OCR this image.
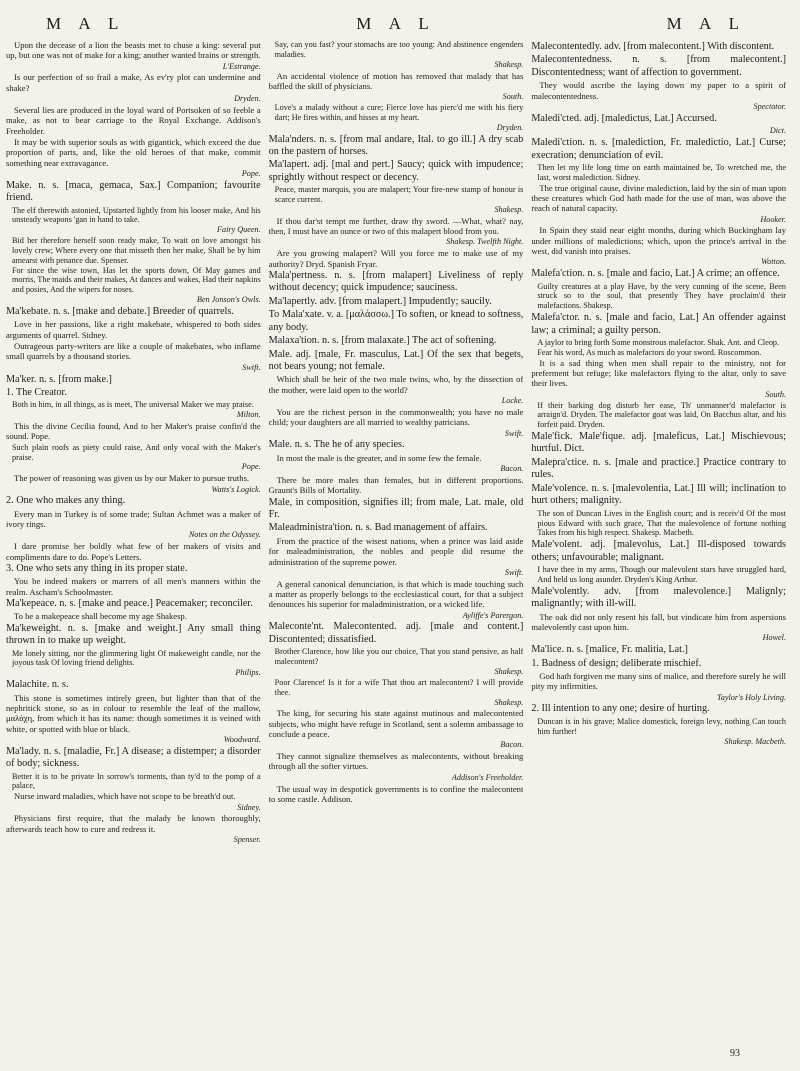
M A L	M A L	M A L
Upon the decease of a lion the beasts met to chuse a king: several put up, but one was not of make for a king; another wanted brains or strength.
L'Estrange.
Is our perfection of so frail a make, As ev'ry plot can undermine and shake?
Dryden.
Several lies are produced in the loyal ward of Portsoken of so feeble a make, as not to bear carriage to the Royal Exchange. Addison's Freeholder.
It may be with superior souls as with gigantick, which exceed the due proportion of parts, and, like the old heroes of that make, commit something near extravagance.
Pope.
Make. n. s. [maca, gemaca, Sax.] Companion; favourite friend.
The elf therewith astonied, Upstarted lightly from his looser make, And his unsteady weapons 'gan in hand to take.
Fairy Queen.
Bid her therefore herself soon ready make, To wait on love amongst his lovely crew; Where every one that misseth then her make, Shall be by him amearst with penance due. Spenser.
For since the wise town, Has let the sports down, Of May games and morris, The maids and their makes, At dances and wakes, Had their napkins and posies, And the wipers for noses.
Ben Jonson's Owls.
Ma'kebate. n. s. [make and debate.] Breeder of quarrels.
Love in her passions, like a right makebate, whispered to both sides arguments of quarrel. Sidney.
Outrageous party-writers are like a couple of makebates, who inflame small quarrels by a thousand stories.
Swift.
Ma'ker. n. s. [from make.]
1. The Creator.
Both in him, in all things, as is meet, The universal Maker we may praise.
Milton.
This the divine Cecilia found, And to her Maker's praise confin'd the sound. Pope.
Such plain roofs as piety could raise, And only vocal with the Maker's praise.
Pope.
The power of reasoning was given us by our Maker to pursue truths.
Watts's Logick.
2. One who makes any thing.
Every man in Turkey is of some trade; Sultan Achmet was a maker of ivory rings.
Notes on the Odyssey.
I dare promise her boldly what few of her makers of visits and compliments dare to do. Pope's Letters.
3. One who sets any thing in its proper state.
You be indeed makers or marrers of all men's manners within the realm. Ascham's Schoolmaster.
Ma'kepeace. n. s. [make and peace.] Peacemaker; reconciler.
To be a makepeace shall become my age Shakesp.
Ma'keweight. n. s. [make and weight.] Any small thing thrown in to make up weight.
Me lonely sitting, nor the glimmering light Of makeweight candle, nor the joyous task Of loving friend delights.
Philips.
Malachite. n. s.
This stone is sometimes intirely green, but lighter than that of the nephritick stone, so as in colour to resemble the leaf of the mallow, μαλάχη, from which it has its name: though sometimes it is veined with white, or spotted with blue or black.
Woodward.
Ma'lady. n. s. [maladie, Fr.] A disease; a distemper; a disorder of body; sickness.
Better it is to be private In sorrow's torments, than ty'd to the pomp of a palace,
Nurse inward maladies, which have not scope to be breath'd out.
Sidney.
Physicians first require, that the malady be known thoroughly, afterwards teach how to cure and redress it.
Spenser.
Say, can you fast? your stomachs are too young: And abstinence engenders maladies.
Shakesp.
An accidental violence of motion has removed that malady that has baffled the skill of physicians.
South.
Love's a malady without a cure; Fierce love has pierc'd me with his fiery dart; He fires within, and hisses at my heart.
Dryden.
Mala'nders. n. s. [from mal andare, Ital. to go ill.] A dry scab on the pastern of horses.
Ma'lapert. adj. [mal and pert.] Saucy; quick with impudence; sprightly without respect or decency.
Peace, master marquis, you are malapert; Your fire-new stamp of honour is scarce current.
Shakesp.
If thou dar'st tempt me further, draw thy sword. —What, what? nay, then, I must have an ounce or two of this malapert blood from you.
Shakesp. Twelfth Night.
Are you growing malapert? Will you force me to make use of my authority? Dryd. Spanish Fryar.
Mala'pertness. n. s. [from malapert] Liveliness of reply without decency; quick impudence; sauciness.
Ma'lapertly. adv. [from malapert.] Impudently; saucily.
To Mala'xate. v. a. [μαλάσσω.] To soften, or knead to softness, any body.
Malaxa'tion. n. s. [from malaxate.] The act of softening.
Male. adj. [male, Fr. masculus, Lat.] Of the sex that begets, not bears young; not female.
Which shall be heir of the two male twins, who, by the dissection of the mother, were laid open to the world?
Locke.
You are the richest person in the commonwealth; you have no male child; your daughters are all married to wealthy patricians.
Swift.
Male. n. s. The he of any species.
In most the male is the greater, and in some few the female.
Bacon.
There be more males than females, but in different proportions. Graunt's Bills of Mortality.
Male, in composition, signifies ill; from male, Lat. male, old Fr.
Maleadministra'tion. n. s. Bad management of affairs.
From the practice of the wisest nations, when a prince was laid aside for maleadministration, the nobles and people did resume the administration of the supreme power.
Swift.
A general canonical denunciation, is that which is made touching such a matter as properly belongs to the ecclesiastical court, for that a subject denounces his superior for maladministration, or a wicked life.
Ayliffe's Parergon.
Maleconte'nt. Malecontented. adj. [male and content.] Discontented; dissatisfied.
Brother Clarence, how like you our choice, That you stand pensive, as half malecontent?
Shakesp.
Poor Clarence! Is it for a wife That thou art malecontent? I will provide thee.
Shakesp.
The king, for securing his state against mutinous and malecontented subjects, who might have refuge in Scotland, sent a solemn ambassage to conclude a peace.
Bacon.
They cannot signalize themselves as malecontents, without breaking through all the softer virtues.
Addison's Freeholder.
The usual way in despotick governments is to confine the malecontent to some castle. Addison.
Malecontentedly. adv. [from malecontent.] With discontent.
Malecontentedness. n. s. [from malecontent.] Discontentedness; want of affection to government.
They would ascribe the laying down my paper to a spirit of malecontentedness.
Spectator.
Maledi'cted. adj. [maledictus, Lat.] Accursed.
Dict.
Maledi'ction. n. s. [malediction, Fr. maledictio, Lat.] Curse; execration; denunciation of evil.
Then let my life long time on earth maintained be, To wretched me, the last, worst malediction. Sidney.
The true original cause, divine malediction, laid by the sin of man upon these creatures which God hath made for the use of man, was above the reach of natural capacity.
Hooker.
In Spain they staid near eight months, during which Buckingham lay under millions of maledictions; which, upon the prince's arrival in the west, did vanish into praises.
Wotton.
Malefa'ction. n. s. [male and facio, Lat.] A crime; an offence.
Guilty creatures at a play Have, by the very cunning of the scene, Been struck so to the soul, that presently They have proclaim'd their malefactions. Shakesp.
Malefa'ctor. n. s. [male and facio, Lat.] An offender against law; a criminal; a guilty person.
A jaylor to bring forth Some monstrous malefactor. Shak. Ant. and Cleop.
Fear his word, As much as malefactors do your sword. Roscommon.
It is a sad thing when men shall repair to the ministry, not for preferment but refuge; like malefactors flying to the altar, only to save their lives.
South.
If their barking dog disturb her ease, Th' unmanner'd malefactor is arraign'd. Dryden. The malefactor goat was laid, On Bacchus altar, and his forfeit paid. Dryden.
Male'fick. Male'fique. adj. [maleficus, Lat.] Mischievous; hurtful. Dict.
Malepra'ctice. n. s. [male and practice.] Practice contrary to rules.
Male'volence. n. s. [malevolentia, Lat.] Ill will; inclination to hurt others; malignity.
The son of Duncan Lives in the English court; and is receiv'd Of the most pious Edward with such grace, That the malevolence of fortune nothing Takes from his high respect. Shakesp. Macbeth.
Male'volent. adj. [malevolus, Lat.] Ill-disposed towards others; unfavourable; malignant.
I have thee in my arms, Though our malevolent stars have struggled hard, And held us long asunder. Dryden's King Arthur.
Male'volently. adv. [from malevolence.] Malignly; malignantly; with ill-will.
The oak did not only resent his fall, but vindicate him from aspersions malevolently cast upon him.
Howel.
Ma'lice. n. s. [malice, Fr. malitia, Lat.]
1. Badness of design; deliberate mischief.
God hath forgiven me many sins of malice, and therefore surely he will pity my infirmities.
Taylor's Holy Living.
2. Ill intention to any one; desire of hurting.
Duncan is in his grave; Malice domestick, foreign levy, nothing Can touch him further!
Shakesp. Macbeth.
93
